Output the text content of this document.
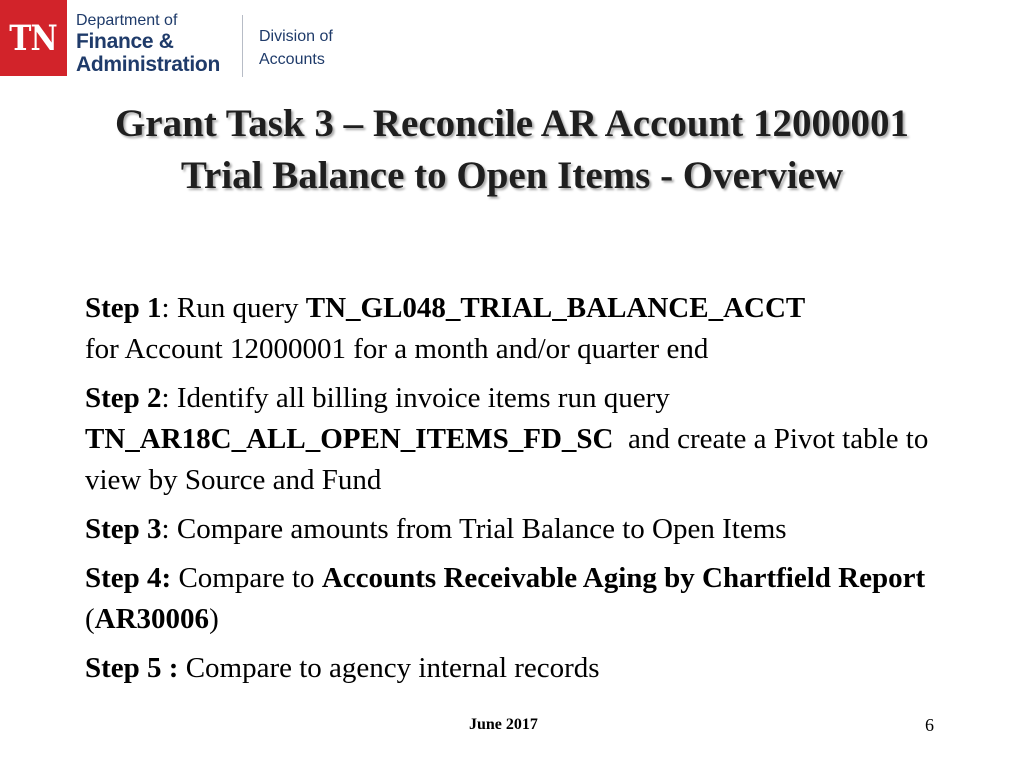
TN Department of
Finance &
Administration
Division of
Accounts
Grant Task 3 – Reconcile AR Account 12000001
Trial Balance to Open Items - Overview

Step 1: Run query TN_GL048_TRIAL_BALANCE_ACCT
for Account 12000001 for a month and/or quarter end

Step 2: Identify all billing invoice items run query
TN_AR18C_ALL_OPEN_ITEMS_FD_SC  and create a Pivot table to view by Source and Fund

Step 3: Compare amounts from Trial Balance to Open Items

Step 4: Compare to Accounts Receivable Aging by Chartfield Report (AR30006)

Step 5 : Compare to agency internal records

June 2017	6
